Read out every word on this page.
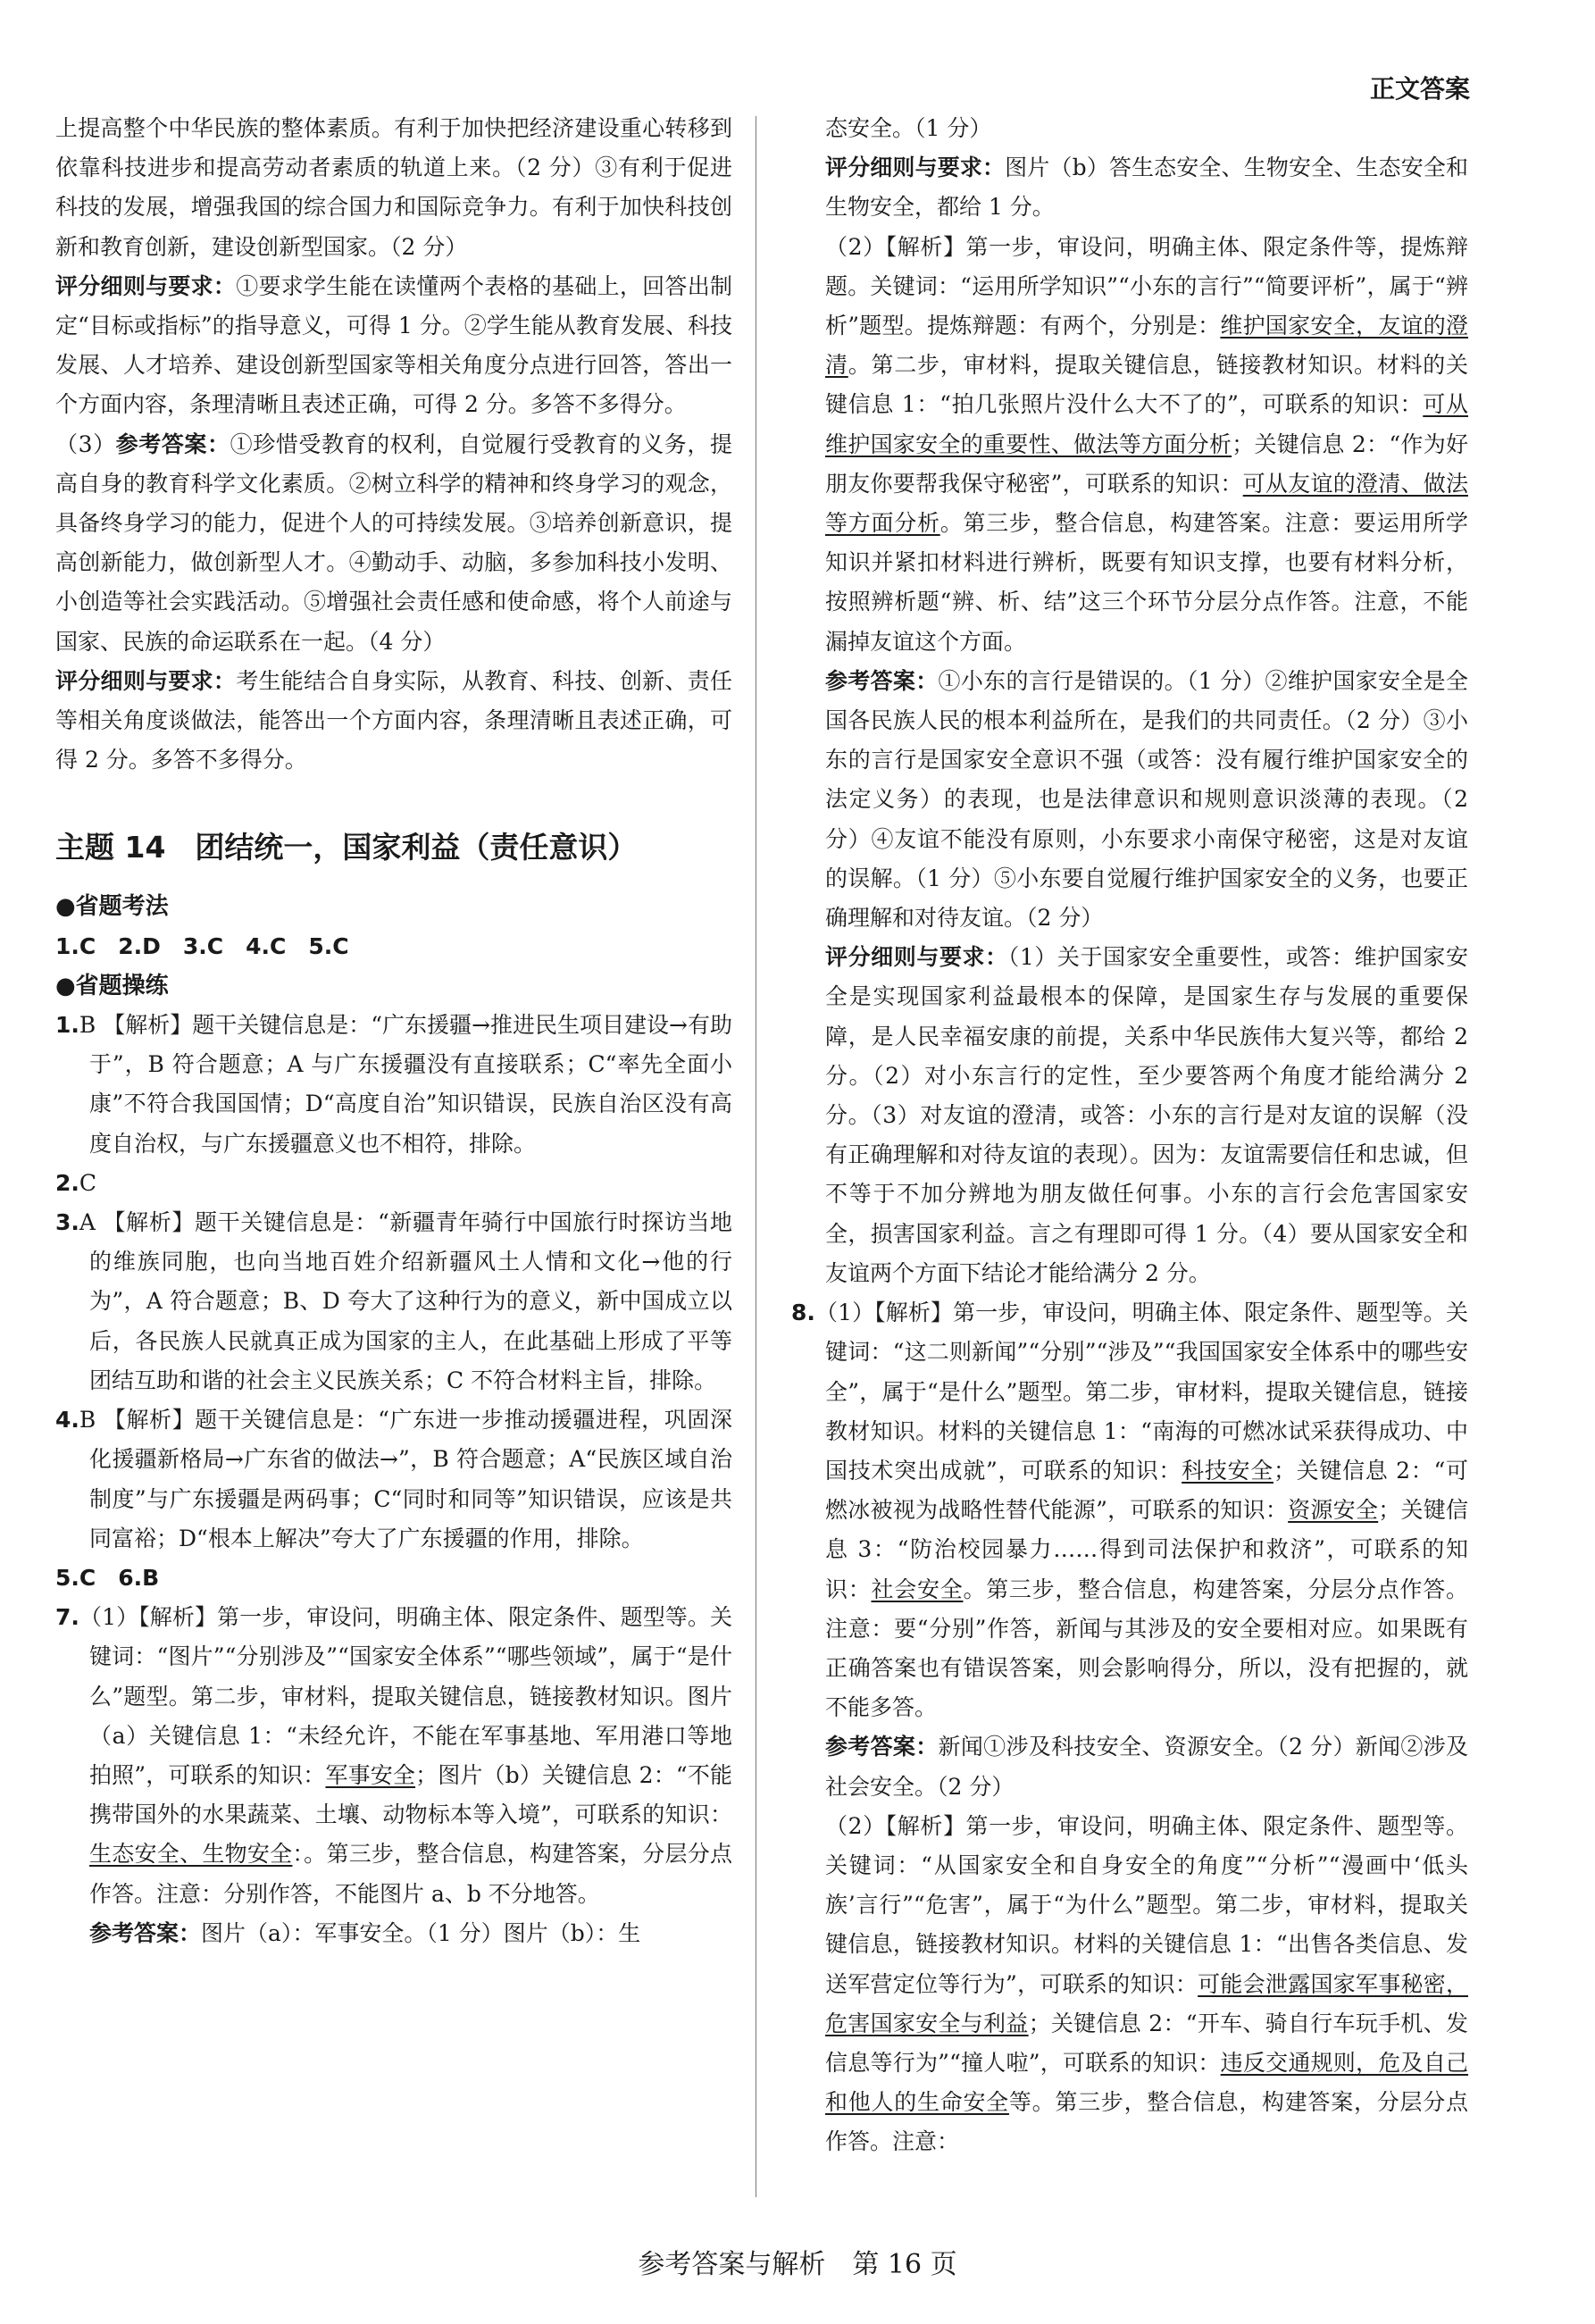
正文答案

上提高整个中华民族的整体素质。有利于加快把经济建设重心转移到依靠科技进步和提高劳动者素质的轨道上来。（2 分）③有利于促进科技的发展，增强我国的综合国力和国际竞争力。有利于加快科技创新和教育创新，建设创新型国家。（2 分）

评分细则与要求：①要求学生能在读懂两个表格的基础上，回答出制定“目标或指标”的指导意义，可得 1 分。②学生能从教育发展、科技发展、人才培养、建设创新型国家等相关角度分点进行回答，答出一个方面内容，条理清晰且表述正确，可得 2 分。多答不多得分。

（3）参考答案：①珍惜受教育的权利，自觉履行受教育的义务，提高自身的教育科学文化素质。②树立科学的精神和终身学习的观念，具备终身学习的能力，促进个人的可持续发展。③培养创新意识，提高创新能力，做创新型人才。④勤动手、动脑，多参加科技小发明、小创造等社会实践活动。⑤增强社会责任感和使命感，将个人前途与国家、民族的命运联系在一起。（4 分）

评分细则与要求：考生能结合自身实际，从教育、科技、创新、责任等相关角度谈做法，能答出一个方面内容，条理清晰且表述正确，可得 2 分。多答不多得分。

主题 14　团结统一，国家利益（责任意识）
●省题考法

1.C　2.D　3.C　4.C　5.C

●省题操练

1.B 【解析】题干关键信息是：“广东援疆→推进民生项目建设→有助于”，B 符合题意；A 与广东援疆没有直接联系；C“率先全面小康”不符合我国国情；D“高度自治”知识错误，民族自治区没有高度自治权，与广东援疆意义也不相符，排除。

2.C

3.A 【解析】题干关键信息是：“新疆青年骑行中国旅行时探访当地的维族同胞，也向当地百姓介绍新疆风土人情和文化→他的行为”，A 符合题意；B、D 夸大了这种行为的意义，新中国成立以后，各民族人民就真正成为国家的主人，在此基础上形成了平等团结互助和谐的社会主义民族关系；C 不符合材料主旨，排除。

4.B 【解析】题干关键信息是：“广东进一步推动援疆进程，巩固深化援疆新格局→广东省的做法→”，B 符合题意；A“民族区域自治制度”与广东援疆是两码事；C“同时和同等”知识错误，应该是共同富裕；D“根本上解决”夸大了广东援疆的作用，排除。

5.C　6.B

7.（1）【解析】第一步，审设问，明确主体、限定条件、题型等。关键词：“图片”“分别涉及”“国家安全体系”“哪些领域”，属于“是什么”题型。第二步，审材料，提取关键信息，链接教材知识。图片（a）关键信息 1：“未经允许，不能在军事基地、军用港口等地拍照”，可联系的知识：军事安全；图片（b）关键信息 2：“不能携带国外的水果蔬菜、土壤、动物标本等入境”，可联系的知识：生态安全、生物安全：。第三步，整合信息，构建答案，分层分点作答。注意：分别作答，不能图片 a、b 不分地答。

参考答案：图片（a）：军事安全。（1 分）图片（b）：生

态安全。（1 分）

评分细则与要求：图片（b）答生态安全、生物安全、生态安全和生物安全，都给 1 分。

（2）【解析】第一步，审设问，明确主体、限定条件等，提炼辩题。关键词：“运用所学知识”“小东的言行”“简要评析”，属于“辨析”题型。提炼辩题：有两个，分别是：维护国家安全，友谊的澄清。第二步，审材料，提取关键信息，链接教材知识。材料的关键信息 1：“拍几张照片没什么大不了的”，可联系的知识：可从维护国家安全的重要性、做法等方面分析；关键信息 2：“作为好朋友你要帮我保守秘密”，可联系的知识：可从友谊的澄清、做法等方面分析。第三步，整合信息，构建答案。注意：要运用所学知识并紧扣材料进行辨析，既要有知识支撑，也要有材料分析，按照辨析题“辨、析、结”这三个环节分层分点作答。注意，不能漏掉友谊这个方面。

参考答案：①小东的言行是错误的。（1 分）②维护国家安全是全国各民族人民的根本利益所在，是我们的共同责任。（2 分）③小东的言行是国家安全意识不强（或答：没有履行维护国家安全的法定义务）的表现，也是法律意识和规则意识淡薄的表现。（2 分）④友谊不能没有原则，小东要求小南保守秘密，这是对友谊的误解。（1 分）⑤小东要自觉履行维护国家安全的义务，也要正确理解和对待友谊。（2 分）

评分细则与要求：（1）关于国家安全重要性，或答：维护国家安全是实现国家利益最根本的保障，是国家生存与发展的重要保障，是人民幸福安康的前提，关系中华民族伟大复兴等，都给 2 分。（2）对小东言行的定性，至少要答两个角度才能给满分 2 分。（3）对友谊的澄清，或答：小东的言行是对友谊的误解（没有正确理解和对待友谊的表现）。因为：友谊需要信任和忠诚，但不等于不加分辨地为朋友做任何事。小东的言行会危害国家安全，损害国家利益。言之有理即可得 1 分。（4）要从国家安全和友谊两个方面下结论才能给满分 2 分。

8.（1）【解析】第一步，审设问，明确主体、限定条件、题型等。关键词：“这二则新闻”“分别”“涉及”“我国国家安全体系中的哪些安全”，属于“是什么”题型。第二步，审材料，提取关键信息，链接教材知识。材料的关键信息 1：“南海的可燃冰试采获得成功、中国技术突出成就”，可联系的知识：科技安全；关键信息 2：“可燃冰被视为战略性替代能源”，可联系的知识：资源安全；关键信息 3：“防治校园暴力……得到司法保护和救济”，可联系的知识：社会安全。第三步，整合信息，构建答案，分层分点作答。注意：要“分别”作答，新闻与其涉及的安全要相对应。如果既有正确答案也有错误答案，则会影响得分，所以，没有把握的，就不能多答。

参考答案：新闻①涉及科技安全、资源安全。（2 分）新闻②涉及社会安全。（2 分）

（2）【解析】第一步，审设问，明确主体、限定条件、题型等。关键词：“从国家安全和自身安全的角度”“分析”“漫画中‘低头族’言行”“危害”，属于“为什么”题型。第二步，审材料，提取关键信息，链接教材知识。材料的关键信息 1：“出售各类信息、发送军营定位等行为”，可联系的知识：可能会泄露国家军事秘密，危害国家安全与利益；关键信息 2：“开车、骑自行车玩手机、发信息等行为”“撞人啦”，可联系的知识：违反交通规则，危及自己和他人的生命安全等。第三步，整合信息，构建答案，分层分点作答。注意：

参考答案与解析　第 16 页
